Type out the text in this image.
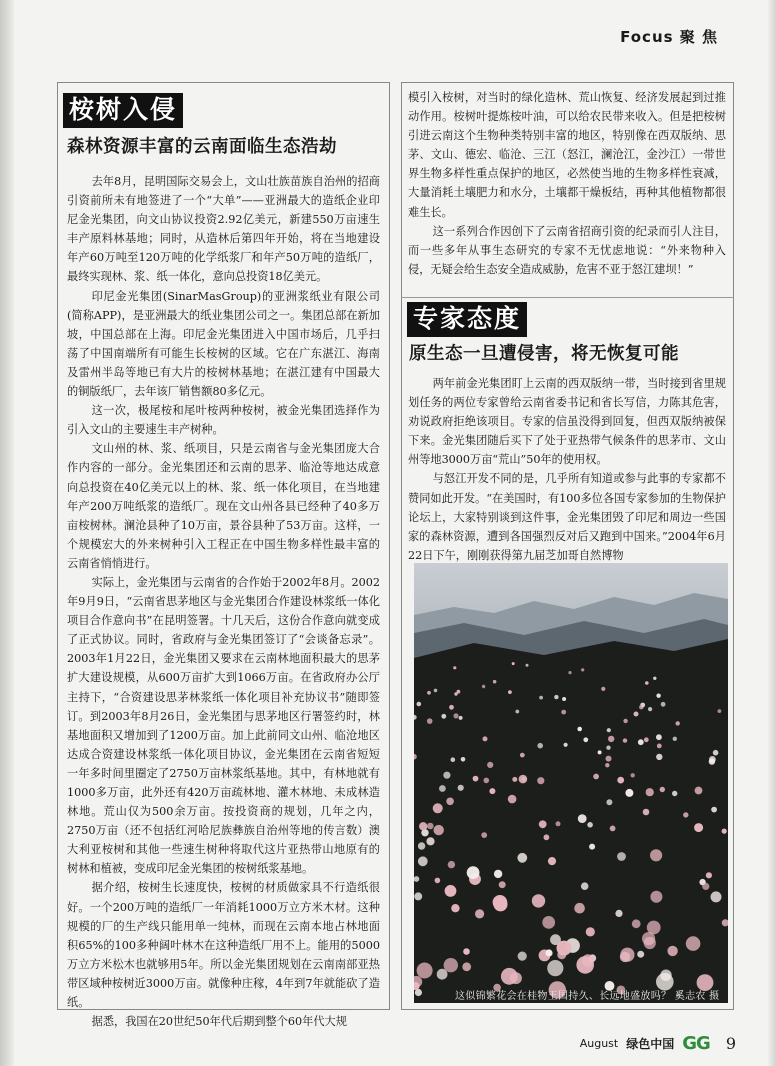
Focus 聚 焦
桉树入侵
森林资源丰富的云南面临生态浩劫

去年8月，昆明国际交易会上，文山壮族苗族自治州的招商引资前所未有地签进了一个“大单”——亚洲最大的造纸企业印尼金光集团，向文山协议投资2.92亿美元，新建550万亩速生丰产原料林基地；同时，从造林后第四年开始，将在当地建设年产60万吨至120万吨的化学纸浆厂和年产50万吨的造纸厂，最终实现林、浆、纸一体化，意向总投资18亿美元。

印尼金光集团(SinarMasGroup)的亚洲浆纸业有限公司(简称APP)，是亚洲最大的纸业集团公司之一。集团总部在新加坡，中国总部在上海。印尼金光集团进入中国市场后，几乎扫荡了中国南端所有可能生长桉树的区域。它在广东湛江、海南及雷州半岛等地已有大片的桉树林基地；在湛江建有中国最大的铜版纸厂，去年该厂销售额80多亿元。

这一次，极尾桉和尾叶桉两种桉树，被金光集团选择作为引入文山的主要速生丰产树种。

文山州的林、浆、纸项目，只是云南省与金光集团庞大合作内容的一部分。金光集团还和云南的思茅、临沧等地达成意向总投资在40亿美元以上的林、浆、纸一体化项目，在当地建年产200万吨纸浆的造纸厂。现在文山州各县已经种了40多万亩桉树林。澜沧县种了10万亩，景谷县种了53万亩。这样，一个规模宏大的外来树种引入工程正在中国生物多样性最丰富的云南省悄悄进行。

实际上，金光集团与云南省的合作始于2002年8月。2002年9月9日，“云南省思茅地区与金光集团合作建设林浆纸一体化项目合作意向书”在昆明签署。十几天后，这份合作意向就变成了正式协议。同时，省政府与金光集团签订了“会谈备忘录”。2003年1月22日，金光集团又要求在云南林地面积最大的思茅扩大建设规模，从600万亩扩大到1066万亩。在省政府办公厅主持下，“合资建设思茅林浆纸一体化项目补充协议书”随即签订。到2003年8月26日，金光集团与思茅地区行署签约时，林基地面积又增加到了1200万亩。加上此前同文山州、临沧地区达成合资建设林浆纸一体化项目协议，金光集团在云南省短短一年多时间里圈定了2750万亩林浆纸基地。其中，有林地就有1000多万亩，此外还有420万亩疏林地、灌木林地、未成林造林地。荒山仅为500余万亩。按投资商的规划，几年之内，2750万亩（还不包括红河哈尼族彝族自治州等地的传言数）澳大利亚桉树和其他一些速生树种将取代这片亚热带山地原有的树林和植被，变成印尼金光集团的桉树纸浆基地。

据介绍，桉树生长速度快，桉树的材质做家具不行造纸很好。一个200万吨的造纸厂一年消耗1000万立方米木材。这种规模的厂的生产线只能用单一纯林，而现在云南本地占林地面积65%的100多种阔叶林木在这种造纸厂用不上。能用的5000万立方米松木也就够用5年。所以金光集团规划在云南南部亚热带区域种桉树近3000万亩。就像种庄稼，4年到7年就能砍了造纸。

据悉，我国在20世纪50年代后期到整个60年代大规

模引入桉树，对当时的绿化造林、荒山恢复、经济发展起到过推动作用。桉树叶提炼桉叶油，可以给农民带来收入。但是把桉树引进云南这个生物种类特别丰富的地区，特别像在西双版纳、思茅、文山、德宏、临沧、三江（怒江，澜沧江，金沙江）一带世界生物多样性重点保护的地区，必然使当地的生物多样性衰减，大量消耗土壤肥力和水分，土壤都干燥板结，再种其他植物都很难生长。

这一系列合作因创下了云南省招商引资的纪录而引人注目，而一些多年从事生态研究的专家不无忧虑地说：“外来物种入侵，无疑会给生态安全造成威胁，危害不亚于怒江建坝！”

专家态度
原生态一旦遭侵害，将无恢复可能

两年前金光集团盯上云南的西双版纳一带，当时接到省里规划任务的两位专家曾给云南省委书记和省长写信，力陈其危害，劝说政府拒绝该项目。专家的信虽没得到回复，但西双版纳被保下来。金光集团随后买下了处于亚热带气候条件的思茅市、文山州等地3000万亩“荒山”50年的使用权。

与怒江开发不同的是，几乎所有知道或参与此事的专家都不赞同如此开发。“在美国时，有100多位各国专家参加的生物保护论坛上，大家特别谈到这件事，金光集团毁了印尼和周边一些国家的森林资源，遭到各国强烈反对后又跑到中国来。”2004年6月22日下午，刚刚获得第九届芝加哥自然博物

这似锦繁花会在桂物王国持久、长远地盛放吗？ 奚志农 摄
August 绿色中国 GG 9
